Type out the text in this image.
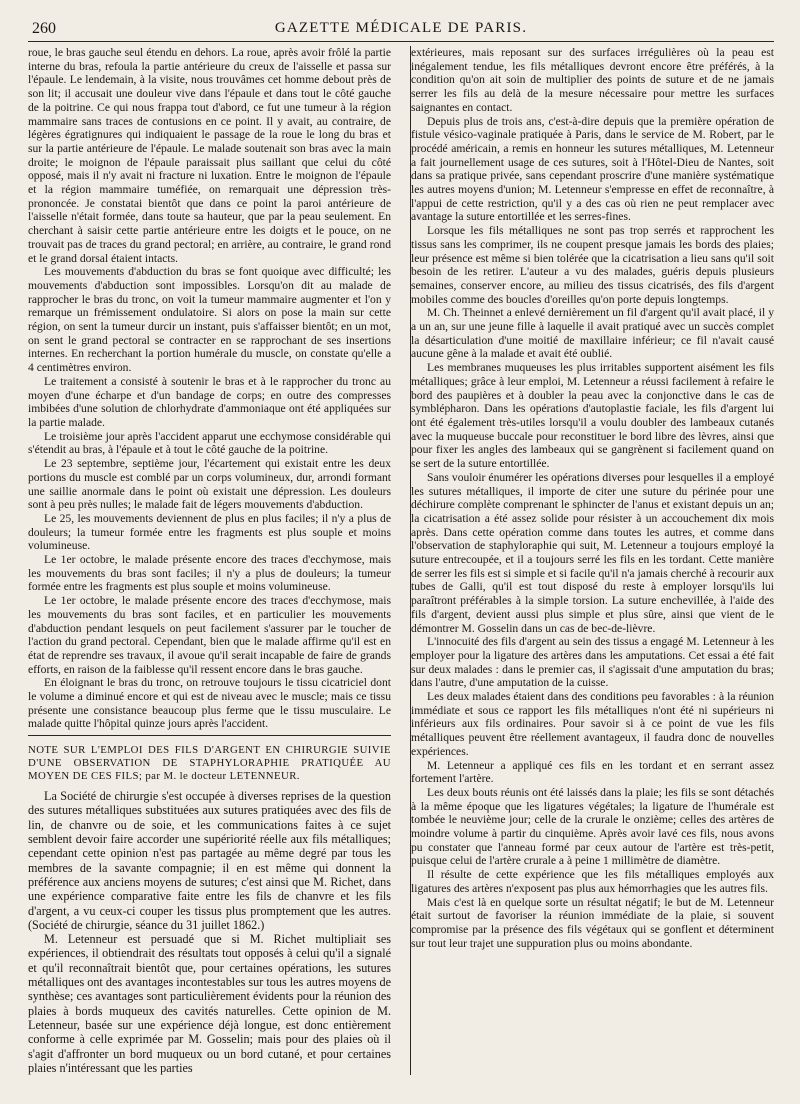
260	GAZETTE MÉDICALE DE PARIS.

roue, le bras gauche seul étendu en dehors. La roue, après avoir frôlé la partie interne du bras, refoula la partie antérieure du creux de l'aisselle et passa sur l'épaule. Le lendemain, à la visite, nous trouvâmes cet homme debout près de son lit; il accusait une douleur vive dans l'épaule et dans tout le côté gauche de la poitrine. Ce qui nous frappa tout d'abord, ce fut une tumeur à la région mammaire sans traces de contusions en ce point. Il y avait, au contraire, de légères égratignures qui indiquaient le passage de la roue le long du bras et sur la partie antérieure de l'épaule. Le malade soutenait son bras avec la main droite; le moignon de l'épaule paraissait plus saillant que celui du côté opposé, mais il n'y avait ni fracture ni luxation. Entre le moignon de l'épaule et la région mammaire tuméfiée, on remarquait une dépression très-prononcée. Je constatai bientôt que dans ce point la paroi antérieure de l'aisselle n'était formée, dans toute sa hauteur, que par la peau seulement. En cherchant à saisir cette partie antérieure entre les doigts et le pouce, on ne trouvait pas de traces du grand pectoral; en arrière, au contraire, le grand rond et le grand dorsal étaient intacts.

Les mouvements d'abduction du bras se font quoique avec difficulté; les mouvements d'abduction sont impossibles. Lorsqu'on dit au malade de rapprocher le bras du tronc, on voit la tumeur mammaire augmenter et l'on y remarque un frémissement ondulatoire. Si alors on pose la main sur cette région, on sent la tumeur durcir un instant, puis s'affaisser bientôt; en un mot, on sent le grand pectoral se contracter en se rapprochant de ses insertions internes. En recherchant la portion humérale du muscle, on constate qu'elle a 4 centimètres environ.

Le traitement a consisté à soutenir le bras et à le rapprocher du tronc au moyen d'une écharpe et d'un bandage de corps; en outre des compresses imbibées d'une solution de chlorhydrate d'ammoniaque ont été appliquées sur la partie malade.

Le troisième jour après l'accident apparut une ecchymose considérable qui s'étendit au bras, à l'épaule et à tout le côté gauche de la poitrine.

Le 23 septembre, septième jour, l'écartement qui existait entre les deux portions du muscle est comblé par un corps volumineux, dur, arrondi formant une saillie anormale dans le point où existait une dépression. Les douleurs sont à peu près nulles; le malade fait de légers mouvements d'abduction.

Le 25, les mouvements deviennent de plus en plus faciles; il n'y a plus de douleurs; la tumeur formée entre les fragments est plus souple et moins volumineuse.

Le 1er octobre, le malade présente encore des traces d'ecchymose, mais les mouvements du bras sont faciles; il n'y a plus de douleurs; la tumeur formée entre les fragments est plus souple et moins volumineuse.

Le 1er octobre, le malade présente encore des traces d'ecchymose, mais les mouvements du bras sont faciles, et en particulier les mouvements d'abduction pendant lesquels on peut facilement s'assurer par le toucher de l'action du grand pectoral. Cependant, bien que le malade affirme qu'il est en état de reprendre ses travaux, il avoue qu'il serait incapable de faire de grands efforts, en raison de la faiblesse qu'il ressent encore dans le bras gauche.

En éloignant le bras du tronc, on retrouve toujours le tissu cicatriciel dont le volume a diminué encore et qui est de niveau avec le muscle; mais ce tissu présente une consistance beaucoup plus ferme que le tissu musculaire. Le malade quitte l'hôpital quinze jours après l'accident.

NOTE SUR L'EMPLOI DES FILS D'ARGENT EN CHIRURGIE SUIVIE D'UNE OBSERVATION DE STAPHYLORAPHIE PRATIQUÉE AU MOYEN DE CES FILS; par M. le docteur LETENNEUR.

La Société de chirurgie s'est occupée à diverses reprises de la question des sutures métalliques substituées aux sutures pratiquées avec des fils de lin, de chanvre ou de soie, et les communications faites à ce sujet semblent devoir faire accorder une supériorité réelle aux fils métalliques; cependant cette opinion n'est pas partagée au même degré par tous les membres de la savante compagnie; il en est même qui donnent la préférence aux anciens moyens de sutures; c'est ainsi que M. Richet, dans une expérience comparative faite entre les fils de chanvre et les fils d'argent, a vu ceux-ci couper les tissus plus promptement que les autres. (Société de chirurgie, séance du 31 juillet 1862.)

M. Letenneur est persuadé que si M. Richet multipliait ses expériences, il obtiendrait des résultats tout opposés à celui qu'il a signalé et qu'il reconnaîtrait bientôt que, pour certaines opérations, les sutures métalliques ont des avantages incontestables sur tous les autres moyens de synthèse; ces avantages sont particulièrement évidents pour la réunion des plaies à bords muqueux des cavités naturelles. Cette opinion de M. Letenneur, basée sur une expérience déjà longue, est donc entièrement conforme à celle exprimée par M. Gosselin; mais pour des plaies où il s'agit d'affronter un bord muqueux ou un bord cutané, et pour certaines plaies n'intéressant que les parties

extérieures, mais reposant sur des surfaces irrégulières où la peau est inégalement tendue, les fils métalliques devront encore être préférés, à la condition qu'on ait soin de multiplier des points de suture et de ne jamais serrer les fils au delà de la mesure nécessaire pour mettre les surfaces saignantes en contact.

Depuis plus de trois ans, c'est-à-dire depuis que la première opération de fistule vésico-vaginale pratiquée à Paris, dans le service de M. Robert, par le procédé américain, a remis en honneur les sutures métalliques, M. Letenneur a fait journellement usage de ces sutures, soit à l'Hôtel-Dieu de Nantes, soit dans sa pratique privée, sans cependant proscrire d'une manière systématique les autres moyens d'union; M. Letenneur s'empresse en effet de reconnaître, à l'appui de cette restriction, qu'il y a des cas où rien ne peut remplacer avec avantage la suture entortillée et les serres-fines.

Lorsque les fils métalliques ne sont pas trop serrés et rapprochent les tissus sans les comprimer, ils ne coupent presque jamais les bords des plaies; leur présence est même si bien tolérée que la cicatrisation a lieu sans qu'il soit besoin de les retirer. L'auteur a vu des malades, guéris depuis plusieurs semaines, conserver encore, au milieu des tissus cicatrisés, des fils d'argent mobiles comme des boucles d'oreilles qu'on porte depuis longtemps.

M. Ch. Theinnet a enlevé dernièrement un fil d'argent qu'il avait placé, il y a un an, sur une jeune fille à laquelle il avait pratiqué avec un succès complet la désarticulation d'une moitié de maxillaire inférieur; ce fil n'avait causé aucune gêne à la malade et avait été oublié.

Les membranes muqueuses les plus irritables supportent aisément les fils métalliques; grâce à leur emploi, M. Letenneur a réussi facilement à refaire le bord des paupières et à doubler la peau avec la conjonctive dans le cas de symblépharon. Dans les opérations d'autoplastie faciale, les fils d'argent lui ont été également très-utiles lorsqu'il a voulu doubler des lambeaux cutanés avec la muqueuse buccale pour reconstituer le bord libre des lèvres, ainsi que pour fixer les angles des lambeaux qui se gangrènent si facilement quand on se sert de la suture entortillée.

Sans vouloir énumérer les opérations diverses pour lesquelles il a employé les sutures métalliques, il importe de citer une suture du périnée pour une déchirure complète comprenant le sphincter de l'anus et existant depuis un an; la cicatrisation a été assez solide pour résister à un accouchement dix mois après. Dans cette opération comme dans toutes les autres, et comme dans l'observation de staphyloraphie qui suit, M. Letenneur a toujours employé la suture entrecoupée, et il a toujours serré les fils en les tordant. Cette manière de serrer les fils est si simple et si facile qu'il n'a jamais cherché à recourir aux tubes de Galli, qu'il est tout disposé du reste à employer lorsqu'ils lui paraîtront préférables à la simple torsion. La suture enchevillée, à l'aide des fils d'argent, devient aussi plus simple et plus sûre, ainsi que vient de le démontrer M. Gosselin dans un cas de bec-de-lièvre.

L'innocuité des fils d'argent au sein des tissus a engagé M. Letenneur à les employer pour la ligature des artères dans les amputations. Cet essai a été fait sur deux malades : dans le premier cas, il s'agissait d'une amputation du bras; dans l'autre, d'une amputation de la cuisse.

Les deux malades étaient dans des conditions peu favorables : à la réunion immédiate et sous ce rapport les fils métalliques n'ont été ni supérieurs ni inférieurs aux fils ordinaires. Pour savoir si à ce point de vue les fils métalliques peuvent être réellement avantageux, il faudra donc de nouvelles expériences.

M. Letenneur a appliqué ces fils en les tordant et en serrant assez fortement l'artère.

Les deux bouts réunis ont été laissés dans la plaie; les fils se sont détachés à la même époque que les ligatures végétales; la ligature de l'humérale est tombée le neuvième jour; celle de la crurale le onzième; celles des artères de moindre volume à partir du cinquième. Après avoir lavé ces fils, nous avons pu constater que l'anneau formé par ceux autour de l'artère est très-petit, puisque celui de l'artère crurale a à peine 1 millimètre de diamètre.

Il résulte de cette expérience que les fils métalliques employés aux ligatures des artères n'exposent pas plus aux hémorrhagies que les autres fils.

Mais c'est là en quelque sorte un résultat négatif; le but de M. Letenneur était surtout de favoriser la réunion immédiate de la plaie, si souvent compromise par la présence des fils végétaux qui se gonflent et déterminent sur tout leur trajet une suppuration plus ou moins abondante.
